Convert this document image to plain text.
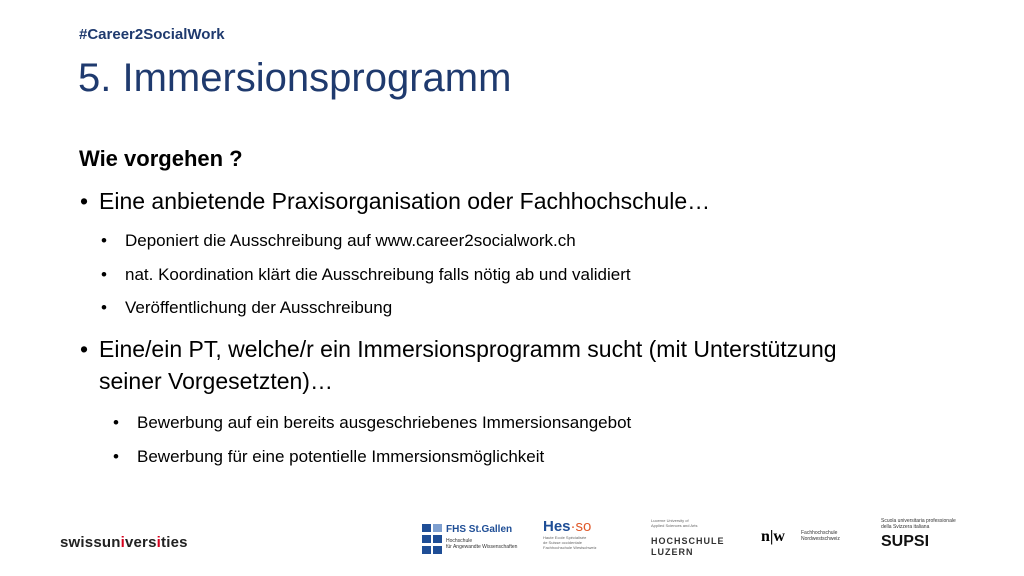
#Career2SocialWork
5. Immersionsprogramm
Wie vorgehen ?
• Eine anbietende Praxisorganisation oder Fachhochschule…
•	Deponiert die Ausschreibung auf www.career2socialwork.ch
•	nat. Koordination klärt die Ausschreibung falls nötig ab und validiert
•	Veröffentlichung der Ausschreibung
• Eine/ein PT, welche/r ein Immersionsprogramm sucht (mit Unterstützung seiner Vorgesetzten)…
•	Bewerbung auf ein bereits ausgeschriebenes Immersionsangebot
•	Bewerbung für eine potentielle Immersionsmöglichkeit
swissuniversities
FHS St.Gallen
Hochschule
für Angewandte Wissenschaften
Hes·so
Haute Ecole Spécialisée
de Suisse occidentale
Fachhochschule Westschweiz
Lucerne University of
Applied Sciences and Arts
HOCHSCHULE
LUZERN
n|w	Fachhochschule
Nordwestschweiz
Scuola universitaria professionale
della Svizzera italiana
SUPSI
